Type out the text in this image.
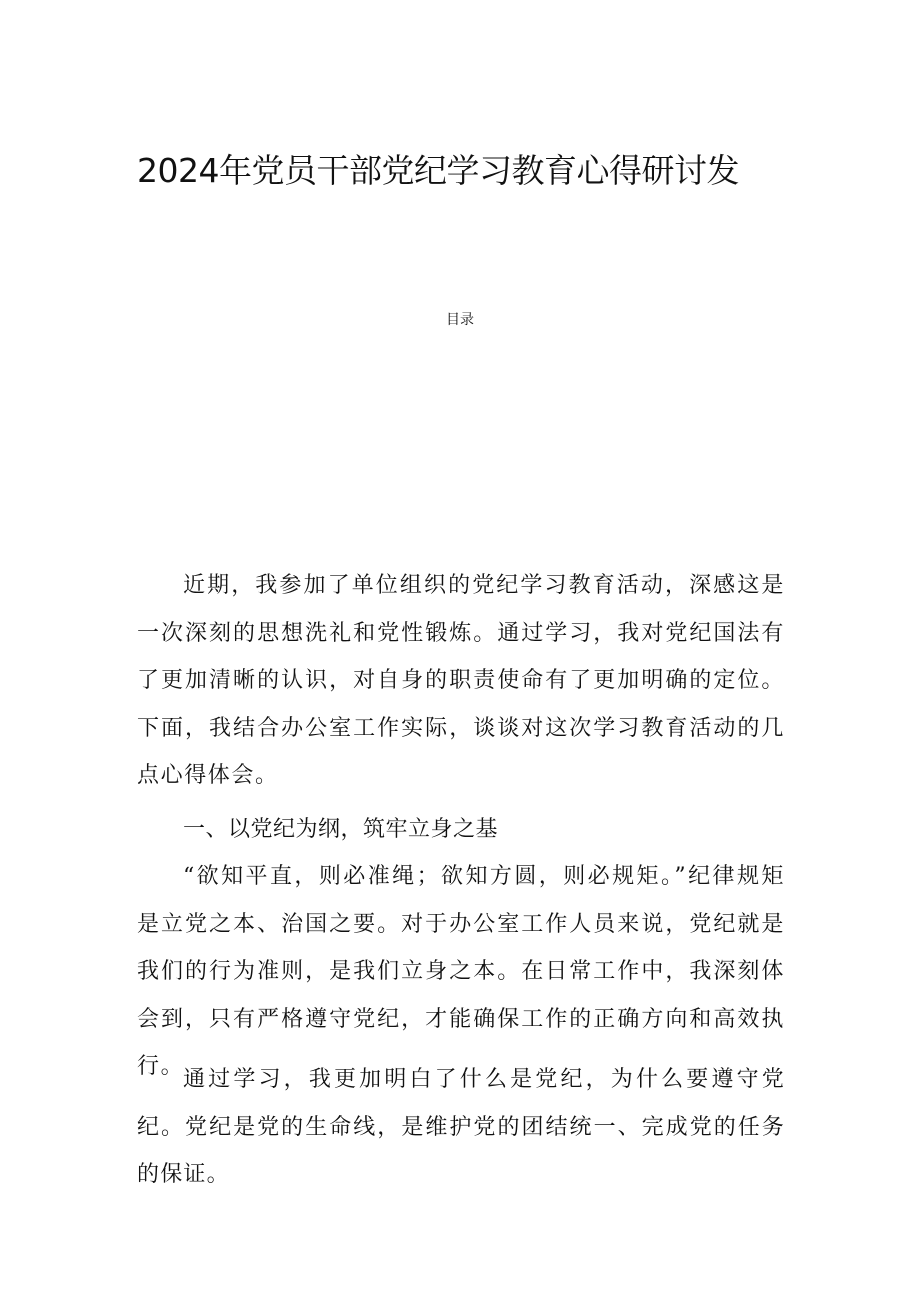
2024年党员干部党纪学习教育心得研讨发
目录

近期，我参加了单位组织的党纪学习教育活动，深感这是一次深刻的思想洗礼和党性锻炼。通过学习，我对党纪国法有了更加清晰的认识，对自身的职责使命有了更加明确的定位。下面，我结合办公室工作实际，谈谈对这次学习教育活动的几点心得体会。

一、以党纪为纲，筑牢立身之基

“欲知平直，则必准绳；欲知方圆，则必规矩。”纪律规矩是立党之本、治国之要。对于办公室工作人员来说，党纪就是我们的行为准则，是我们立身之本。在日常工作中，我深刻体会到，只有严格遵守党纪，才能确保工作的正确方向和高效执行。

通过学习，我更加明白了什么是党纪，为什么要遵守党纪。党纪是党的生命线，是维护党的团结统一、完成党的任务的保证。
